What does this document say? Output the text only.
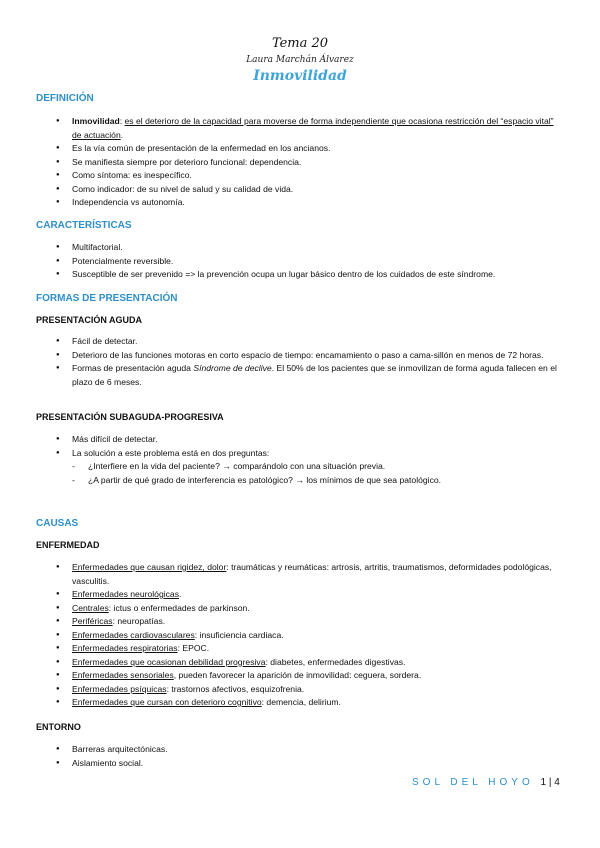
Tema 20
Laura Marchán Álvarez
Inmovilidad
DEFINICIÓN
● Inmovilidad: es el deterioro de la capacidad para moverse de forma independiente que ocasiona restricción del “espacio vital” de actuación.
● Es la vía común de presentación de la enfermedad en los ancianos.
● Se manifiesta siempre por deterioro funcional: dependencia.
● Como síntoma: es inespecífico.
● Como indicador: de su nivel de salud y su calidad de vida.
● Independencia vs autonomía.
CARACTERÍSTICAS
● Multifactorial.
● Potencialmente reversible.
● Susceptible de ser prevenido => la prevención ocupa un lugar básico dentro de los cuidados de este síndrome.
FORMAS DE PRESENTACIÓN
PRESENTACIÓN AGUDA
● Fácil de detectar.
● Deterioro de las funciones motoras en corto espacio de tiempo: encamamiento o paso a cama-sillón en menos de 72 horas.
● Formas de presentación aguda Síndrome de declive. El 50% de los pacientes que se inmovilizan de forma aguda fallecen en el plazo de 6 meses.
PRESENTACIÓN SUBAGUDA-PROGRESIVA
● Más difícil de detectar.
● La solución a este problema está en dos preguntas:
- ¿Interfiere en la vida del paciente? → comparándolo con una situación previa.
- ¿A partir de qué grado de interferencia es patológico? → los mínimos de que sea patológico.
CAUSAS
ENFERMEDAD
● Enfermedades que causan rigidez, dolor: traumáticas y reumáticas: artrosis, artritis, traumatismos, deformidades podológicas, vasculitis.
● Enfermedades neurológicas.
● Centrales: ictus o enfermedades de parkinson.
● Periféricas: neuropatías.
● Enfermedades cardiovasculares: insuficiencia cardiaca.
● Enfermedades respiratorias: EPOC.
● Enfermedades que ocasionan debilidad progresiva: diabetes, enfermedades digestivas.
● Enfermedades sensoriales, pueden favorecer la aparición de inmovilidad: ceguera, sordera.
● Enfermedades psíquicas: trastornos afectivos, esquizofrenia.
● Enfermedades que cursan con deterioro cognitivo: demencia, delirium.
ENTORNO
● Barreras arquitectónicas.
● Aislamiento social.
SOL DEL HOYO 1 | 4
